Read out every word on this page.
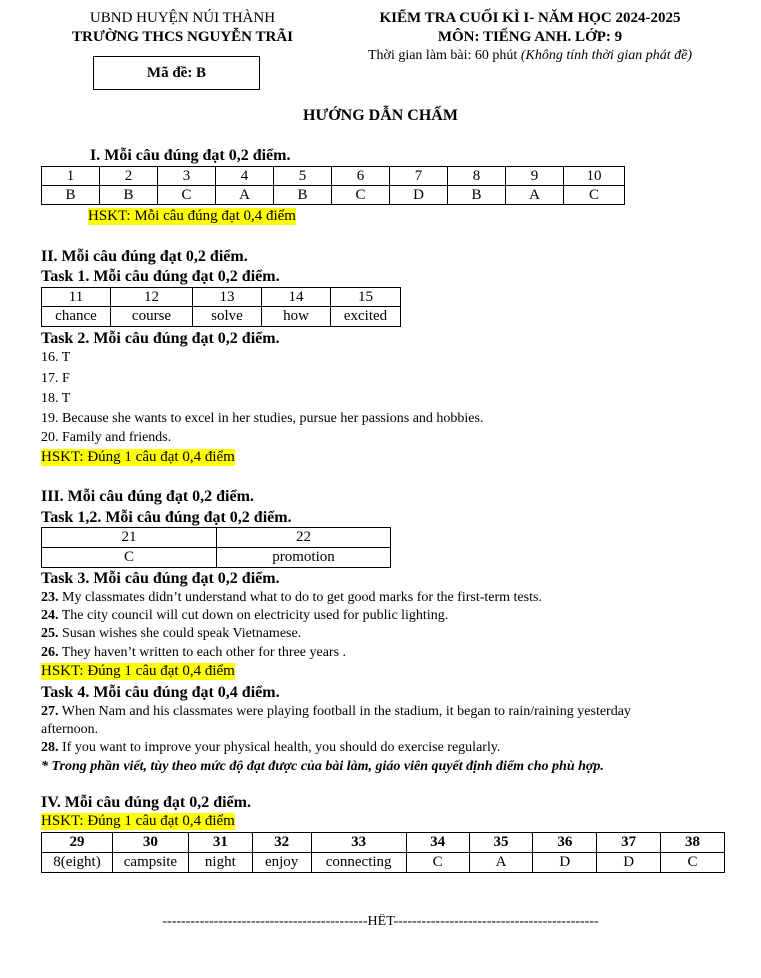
UBND HUYỆN NÚI THÀNH
TRƯỜNG THCS NGUYỄN TRÃI
Mã đề: B
KIỂM TRA CUỐI KÌ I- NĂM HỌC 2024-2025
MÔN: TIẾNG ANH. LỚP: 9
Thời gian làm bài: 60 phút (Không tính thời gian phát đề)
HƯỚNG DẪN CHẤM
I. Mỗi câu đúng đạt 0,2 điểm.
1	2	3	4	5	6	7	8	9	10
B	B	C	A	B	C	D	B	A	C
HSKT: Mỗi câu đúng đạt 0,4 điểm
II. Mỗi câu đúng đạt 0,2 điểm.
Task 1. Mỗi câu đúng đạt 0,2 điểm.
11	12	13	14	15
chance	course	solve	how	excited
Task 2. Mỗi câu đúng đạt 0,2 điểm.
16. T
17. F
18. T
19. Because she wants to excel in her studies, pursue her passions and hobbies.
20. Family and friends.
HSKT: Đúng 1 câu đạt 0,4 điểm
III. Mỗi câu đúng đạt 0,2 điểm.
Task 1,2. Mỗi câu đúng đạt 0,2 điểm.
21	22
C	promotion
Task 3. Mỗi câu đúng đạt 0,2 điểm.
23. My classmates didn’t understand what to do to get good marks for the first-term tests.
24. The city council will cut down on electricity used for public lighting.
25. Susan wishes she could speak Vietnamese.
26. They haven’t written to each other for three years .
HSKT: Đúng 1 câu đạt 0,4 điểm
Task 4. Mỗi câu đúng đạt 0,4 điểm.
27. When Nam and his classmates were playing football in the stadium, it began to rain/raining yesterday
afternoon.
28. If you want to improve your physical health, you should do exercise regularly.
* Trong phần viết, tùy theo mức độ đạt được của bài làm, giáo viên quyết định điểm cho phù hợp.
IV. Mỗi câu đúng đạt 0,2 điểm.
HSKT: Đúng 1 câu đạt 0,4 điểm
29	30	31	32	33	34	35	36	37	38
8(eight)	campsite	night	enjoy	connecting	C	A	D	D	C
--------------------------------------------HẾT--------------------------------------------
